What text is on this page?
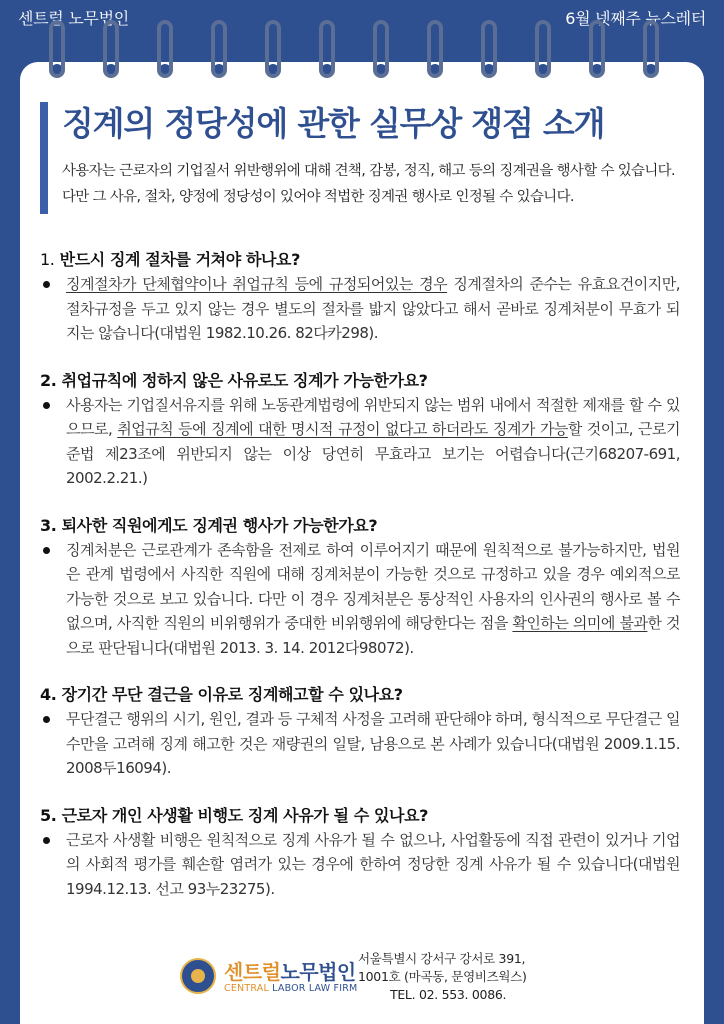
센트럴 노무법인	6월 넷째주 뉴스레터
징계의 정당성에 관한 실무상 쟁점 소개
사용자는 근로자의 기업질서 위반행위에 대해 견책, 감봉, 정직, 해고 등의 징계권을 행사할 수 있습니다. 다만 그 사유, 절차, 양정에 정당성이 있어야 적법한 징계권 행사로 인정될 수 있습니다.
1. 반드시 징계 절차를 거쳐야 하나요?
징계절차가 단체협약이나 취업규칙 등에 규정되어있는 경우 징계절차의 준수는 유효요건이지만, 절차규정을 두고 있지 않는 경우 별도의 절차를 밟지 않았다고 해서 곧바로 징계처분이 무효가 되지는 않습니다(대법원 1982.10.26. 82다카298).
2. 취업규칙에 정하지 않은 사유로도 징계가 가능한가요?
사용자는 기업질서유지를 위해 노동관계법령에 위반되지 않는 범위 내에서 적절한 제재를 할 수 있으므로, 취업규칙 등에 징계에 대한 명시적 규정이 없다고 하더라도 징계가 가능할 것이고, 근로기준법 제23조에 위반되지 않는 이상 당연히 무효라고 보기는 어렵습니다(근기68207-691, 2002.2.21.)
3. 퇴사한 직원에게도 징계권 행사가 가능한가요?
징계처분은 근로관계가 존속함을 전제로 하여 이루어지기 때문에 원칙적으로 불가능하지만, 법원은 관계 법령에서 사직한 직원에 대해 징계처분이 가능한 것으로 규정하고 있을 경우 예외적으로 가능한 것으로 보고 있습니다. 다만 이 경우 징계처분은 통상적인 사용자의 인사권의 행사로 볼 수 없으며, 사직한 직원의 비위행위가 중대한 비위행위에 해당한다는 점을 확인하는 의미에 불과한 것으로 판단됩니다(대법원 2013. 3. 14. 2012다98072).
4. 장기간 무단 결근을 이유로 징계해고할 수 있나요?
무단결근 행위의 시기, 원인, 결과 등 구체적 사정을 고려해 판단해야 하며, 형식적으로 무단결근 일수만을 고려해 징계 해고한 것은 재량권의 일탈, 남용으로 본 사례가 있습니다(대법원 2009.1.15. 2008두16094).
5. 근로자 개인 사생활 비행도 징계 사유가 될 수 있나요?
근로자 사생활 비행은 원칙적으로 징계 사유가 될 수 없으나, 사업활동에 직접 관련이 있거나 기업의 사회적 평가를 훼손할 염려가 있는 경우에 한하여 정당한 징계 사유가 될 수 있습니다(대법원 1994.12.13. 선고 93누23275).
센트럴노무법인
CENTRAL LABOR LAW FIRM
서울특별시 강서구 강서로 391,
1001호 (마곡동, 문영비즈웍스)
TEL. 02. 553. 0086.
